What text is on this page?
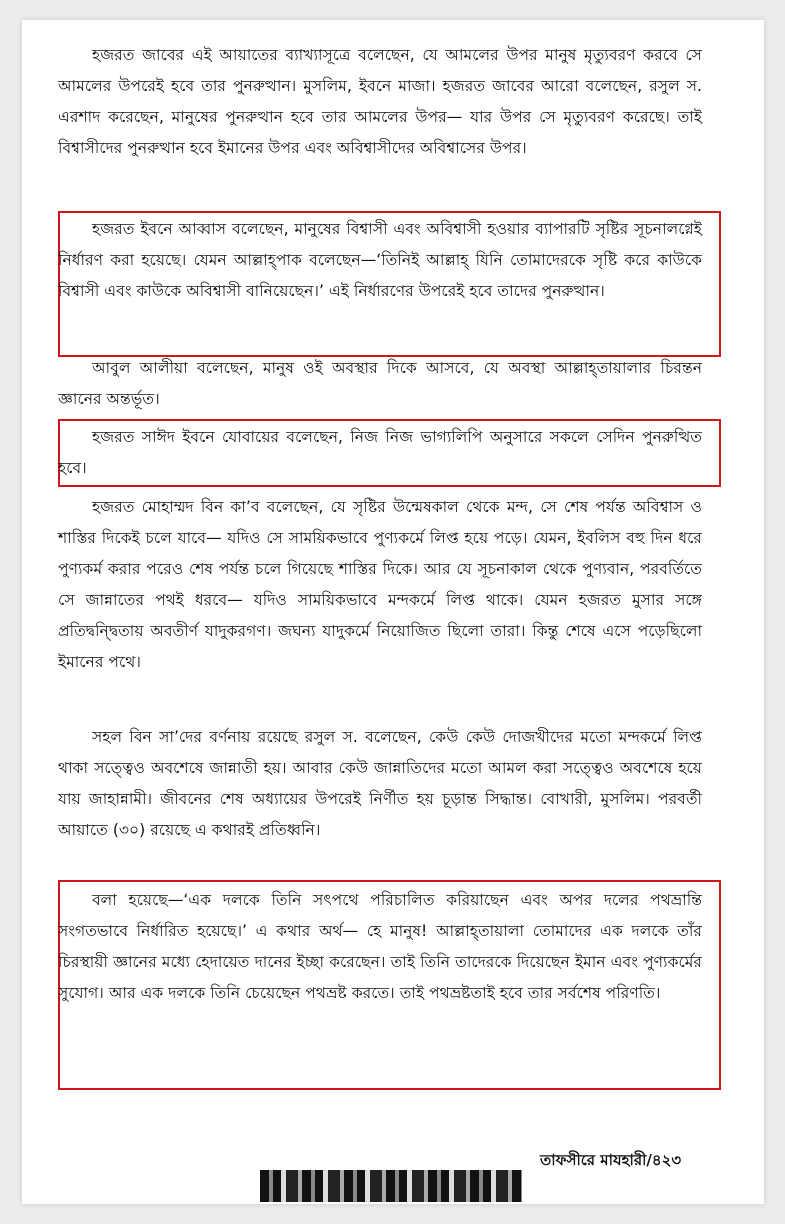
হজরত জাবের এই আয়াতের ব্যাখ্যাসূত্রে বলেছেন, যে আমলের উপর মানুষ মৃত্যুবরণ করবে সে আমলের উপরেই হবে তার পুনরুত্থান। মুসলিম, ইবনে মাজা। হজরত জাবের আরো বলেছেন, রসুল স. এরশাদ করেছেন, মানুষের পুনরুত্থান হবে তার আমলের উপর— যার উপর সে মৃত্যুবরণ করেছে। তাই বিশ্বাসীদের পুনরুত্থান হবে ইমানের উপর এবং অবিশ্বাসীদের অবিশ্বাসের উপর।

হজরত ইবনে আব্বাস বলেছেন, মানুষের বিশ্বাসী এবং অবিশ্বাসী হওয়ার ব্যাপারটি সৃষ্টির সূচনালগ্নেই নির্ধারণ করা হয়েছে। যেমন আল্লাহ্‌পাক বলেছেন—‘তিনিই আল্লাহ্‌ যিনি তোমাদেরকে সৃষ্টি করে কাউকে বিশ্বাসী এবং কাউকে অবিশ্বাসী বানিয়েছেন।’ এই নির্ধারণের উপরেই হবে তাদের পুনরুত্থান।

আবুল আলীয়া বলেছেন, মানুষ ওই অবস্থার দিকে আসবে, যে অবস্থা আল্লাহ্‌তায়ালার চিরন্তন জ্ঞানের অন্তর্ভূত।

হজরত সাঈদ ইবনে যোবায়ের বলেছেন, নিজ নিজ ভাগ্যলিপি অনুসারে সকলে সেদিন পুনরুত্থিত হবে।

হজরত মোহাম্মদ বিন কা’ব বলেছেন, যে সৃষ্টির উন্মেষকাল থেকে মন্দ, সে শেষ পর্যন্ত অবিশ্বাস ও শাস্তির দিকেই চলে যাবে— যদিও সে সাময়িকভাবে পুণ্যকর্মে লিপ্ত হয়ে পড়ে। যেমন, ইবলিস বহু দিন ধরে পুণ্যকর্ম করার পরেও শেষ পর্যন্ত চলে গিয়েছে শাস্তির দিকে। আর যে সূচনাকাল থেকে পুণ্যবান, পরবর্তিতে সে জান্নাতের পথই ধরবে— যদিও সাময়িকভাবে মন্দকর্মে লিপ্ত থাকে। যেমন হজরত মুসার সঙ্গে প্রতিদ্বন্দ্বিতায় অবতীর্ণ যাদুকরগণ। জঘন্য যাদুকর্মে নিয়োজিত ছিলো তারা। কিন্তু শেষে এসে পড়েছিলো ইমানের পথে।

সহল বিন সা’দের বর্ণনায় রয়েছে রসুল স. বলেছেন, কেউ কেউ দোজখীদের মতো মন্দকর্মে লিপ্ত থাকা সত্ত্বেও অবশেষে জান্নাতী হয়। আবার কেউ জান্নাতিদের মতো আমল করা সত্ত্বেও অবশেষে হয়ে যায় জাহান্নামী। জীবনের শেষ অধ্যায়ের উপরেই নির্ণীত হয় চূড়ান্ত সিদ্ধান্ত। বোখারী, মুসলিম। পরবর্তী আয়াতে (৩০) রয়েছে এ কথারই প্রতিধ্বনি।

বলা হয়েছে—‘এক দলকে তিনি সৎপথে পরিচালিত করিয়াছেন এবং অপর দলের পথভ্রান্তি সংগতভাবে নির্ধারিত হয়েছে।’ এ কথার অর্থ— হে মানুষ! আল্লাহ্‌তায়ালা তোমাদের এক দলকে তাঁর চিরস্থায়ী জ্ঞানের মধ্যে হেদায়েত দানের ইচ্ছা করেছেন। তাই তিনি তাদেরকে দিয়েছেন ইমান এবং পুণ্যকর্মের সুযোগ। আর এক দলকে তিনি চেয়েছেন পথভ্রষ্ট করতে। তাই পথভ্রষ্টতাই হবে তার সর্বশেষ পরিণতি।

তাফসীরে মাযহারী/৪২৩
